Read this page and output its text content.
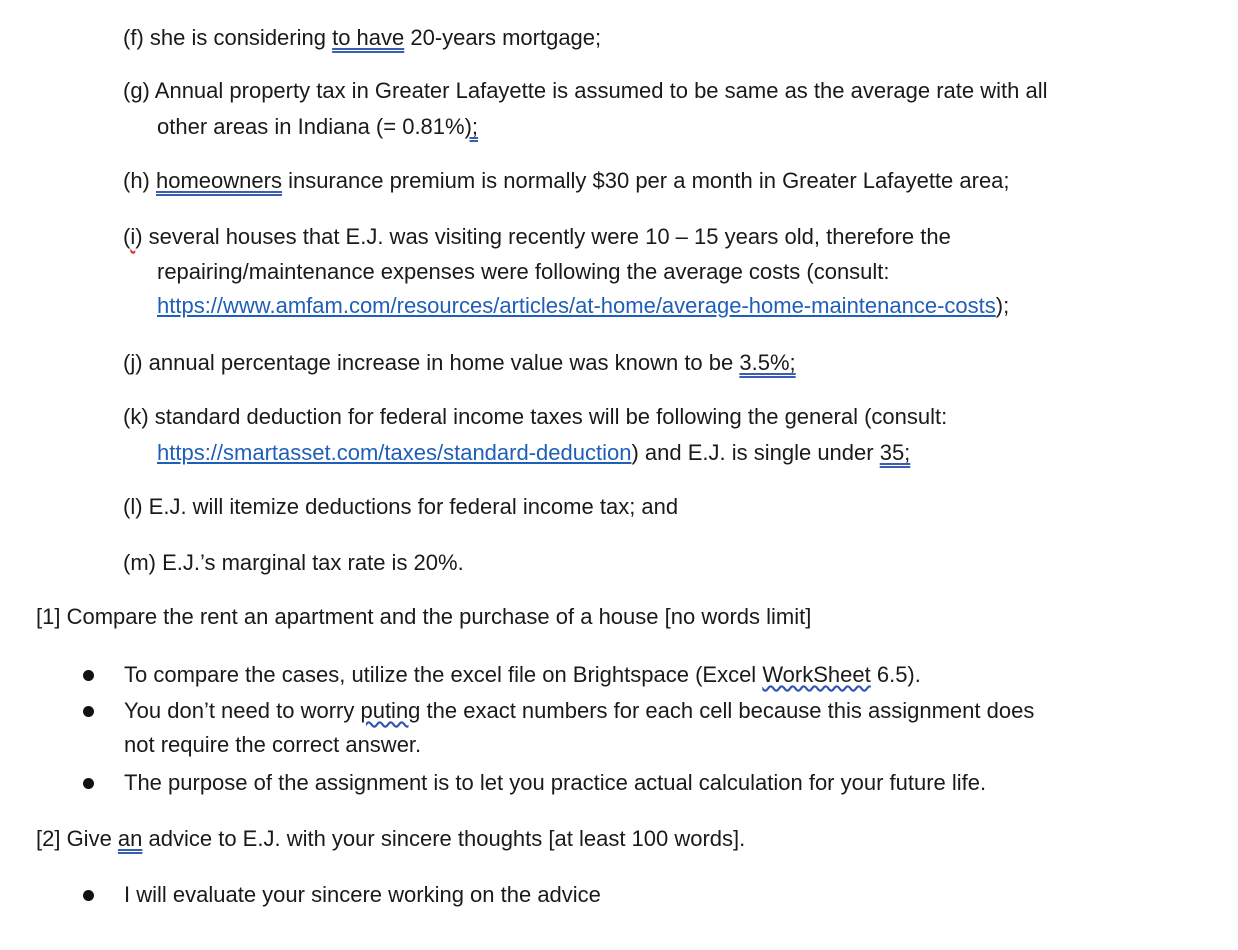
(f) she is considering to have 20-years mortgage;
(g) Annual property tax in Greater Lafayette is assumed to be same as the average rate with all
other areas in Indiana (= 0.81%);
(h) homeowners insurance premium is normally $30 per a month in Greater Lafayette area;
(i) several houses that E.J. was visiting recently were 10 – 15 years old, therefore the
repairing/maintenance expenses were following the average costs (consult:
https://www.amfam.com/resources/articles/at-home/average-home-maintenance-costs);
(j) annual percentage increase in home value was known to be 3.5%;
(k) standard deduction for federal income taxes will be following the general (consult:
https://smartasset.com/taxes/standard-deduction) and E.J. is single under 35;
(l) E.J. will itemize deductions for federal income tax; and
(m) E.J.’s marginal tax rate is 20%.
[1] Compare the rent an apartment and the purchase of a house [no words limit]
To compare the cases, utilize the excel file on Brightspace (Excel WorkSheet 6.5).
You don’t need to worry puting the exact numbers for each cell because this assignment does
not require the correct answer.
The purpose of the assignment is to let you practice actual calculation for your future life.
[2] Give an advice to E.J. with your sincere thoughts [at least 100 words].
I will evaluate your sincere working on the advice
